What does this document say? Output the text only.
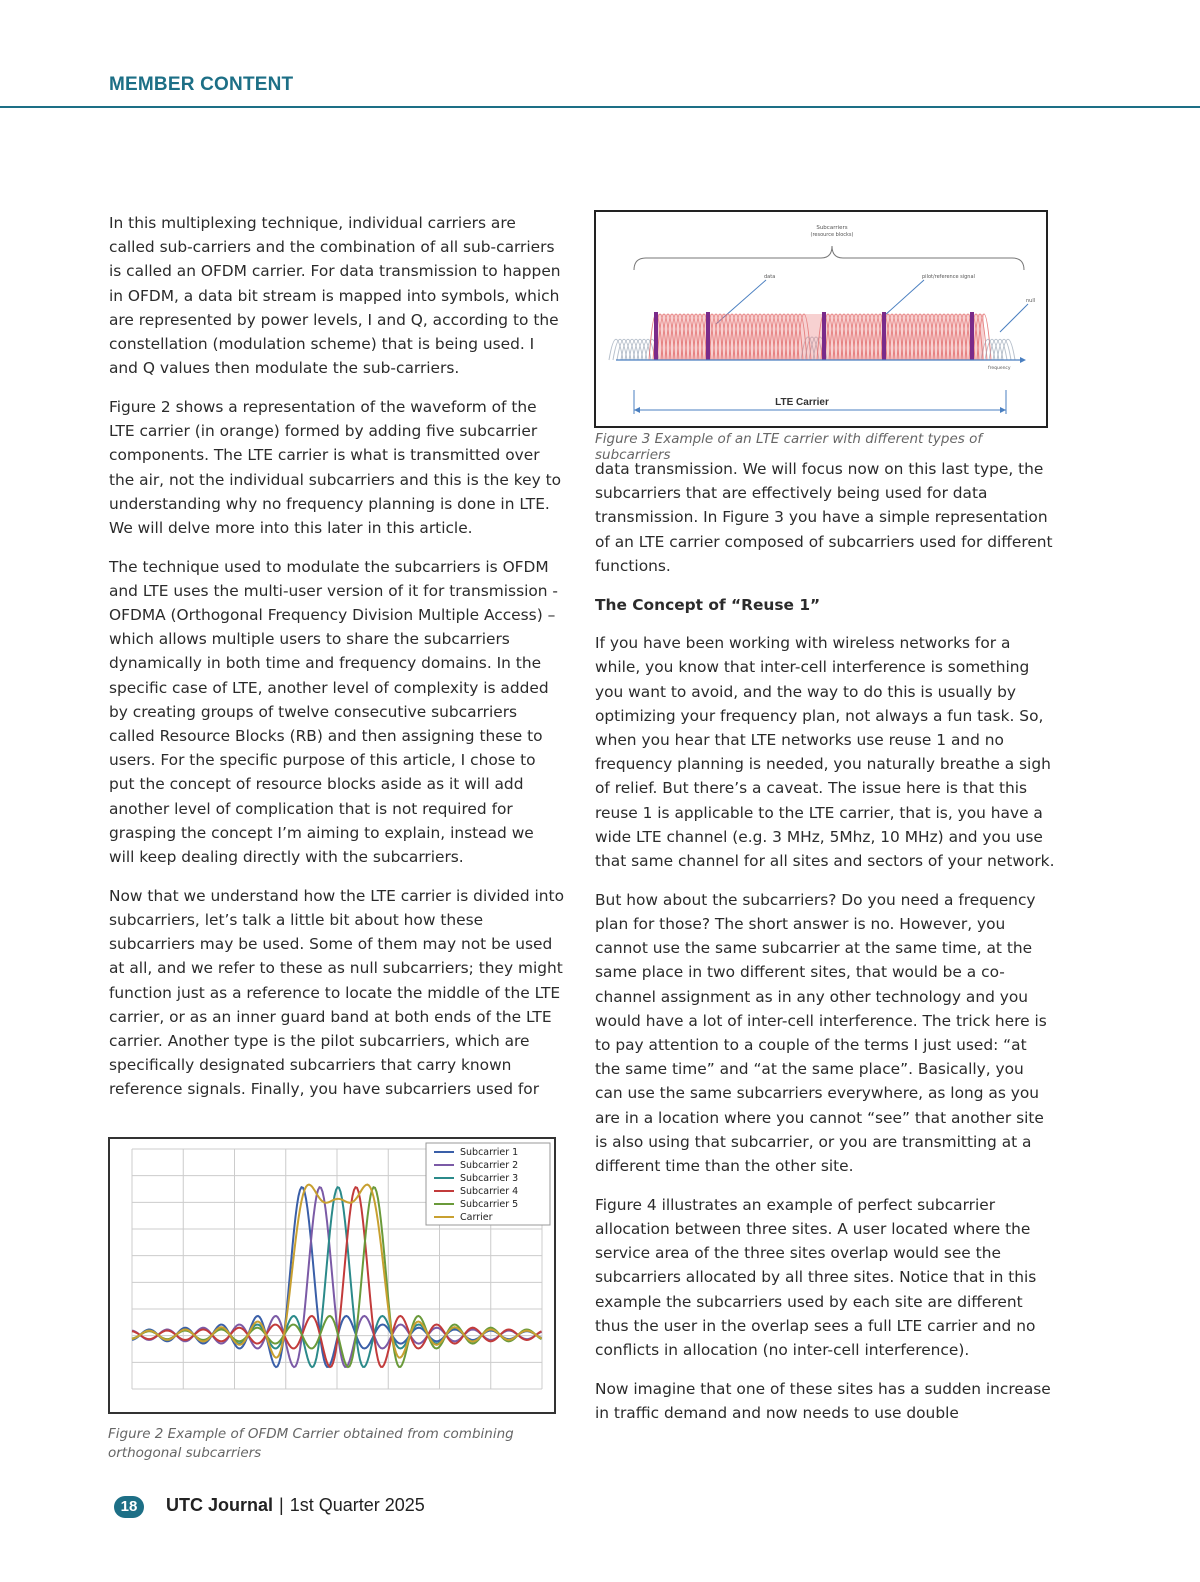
MEMBER CONTENT

In this multiplexing technique, individual carriers are called sub-carriers and the combination of all sub-carriers is called an OFDM carrier. For data transmission to happen in OFDM, a data bit stream is mapped into symbols, which are represented by power levels, I and Q, according to the constellation (modulation scheme) that is being used. I and Q values then modulate the sub-carriers.

Figure 2 shows a representation of the waveform of the LTE carrier (in orange) formed by adding five subcarrier components. The LTE carrier is what is transmitted over the air, not the individual subcarriers and this is the key to understanding why no frequency planning is done in LTE. We will delve more into this later in this article.

The technique used to modulate the subcarriers is OFDM and LTE uses the multi-user version of it for transmission - OFDMA (Orthogonal Frequency Division Multiple Access) – which allows multiple users to share the subcarriers dynamically in both time and frequency domains. In the specific case of LTE, another level of complexity is added by creating groups of twelve consecutive subcarriers called Resource Blocks (RB) and then assigning these to users. For the specific purpose of this article, I chose to put the concept of resource blocks aside as it will add another level of complication that is not required for grasping the concept I’m aiming to explain, instead we will keep dealing directly with the subcarriers.

Now that we understand how the LTE carrier is divided into subcarriers, let’s talk a little bit about how these subcarriers may be used. Some of them may not be used at all, and we refer to these as null subcarriers; they might function just as a reference to locate the middle of the LTE carrier, or as an inner guard band at both ends of the LTE carrier. Another type is the pilot subcarriers, which are specifically designated subcarriers that carry known reference signals. Finally, you have subcarriers used for

Subcarriers
(resource blocks)
data	pilot/reference signal
null
frequency
LTE Carrier
Figure 3 Example of an LTE carrier with different types of subcarriers

data transmission. We will focus now on this last type, the subcarriers that are effectively being used for data transmission. In Figure 3 you have a simple representation of an LTE carrier composed of subcarriers used for different functions.

The Concept of “Reuse 1”

If you have been working with wireless networks for a while, you know that inter-cell interference is something you want to avoid, and the way to do this is usually by optimizing your frequency plan, not always a fun task. So, when you hear that LTE networks use reuse 1 and no frequency planning is needed, you naturally breathe a sigh of relief. But there’s a caveat. The issue here is that this reuse 1 is applicable to the LTE carrier, that is, you have a wide LTE channel (e.g. 3 MHz, 5Mhz, 10 MHz) and you use that same channel for all sites and sectors of your network.

But how about the subcarriers? Do you need a frequency plan for those? The short answer is no. However, you cannot use the same subcarrier at the same time, at the same place in two different sites, that would be a co-channel assignment as in any other technology and you would have a lot of inter-cell interference. The trick here is to pay attention to a couple of the terms I just used: “at the same time” and “at the same place”. Basically, you can use the same subcarriers everywhere, as long as you are in a location where you cannot “see” that another site is also using that subcarrier, or you are transmitting at a different time than the other site.

Figure 4 illustrates an example of perfect subcarrier allocation between three sites. A user located where the service area of the three sites overlap would see the subcarriers allocated by all three sites. Notice that in this example the subcarriers used by each site are different thus the user in the overlap sees a full LTE carrier and no conflicts in allocation (no inter-cell interference).

Now imagine that one of these sites has a sudden increase in traffic demand and now needs to use double

Subcarrier 1
Subcarrier 2
Subcarrier 3
Subcarrier 4
Subcarrier 5
Carrier
Figure 2 Example of OFDM Carrier obtained from combining orthogonal subcarriers
18	UTC Journal | 1st Quarter 2025
